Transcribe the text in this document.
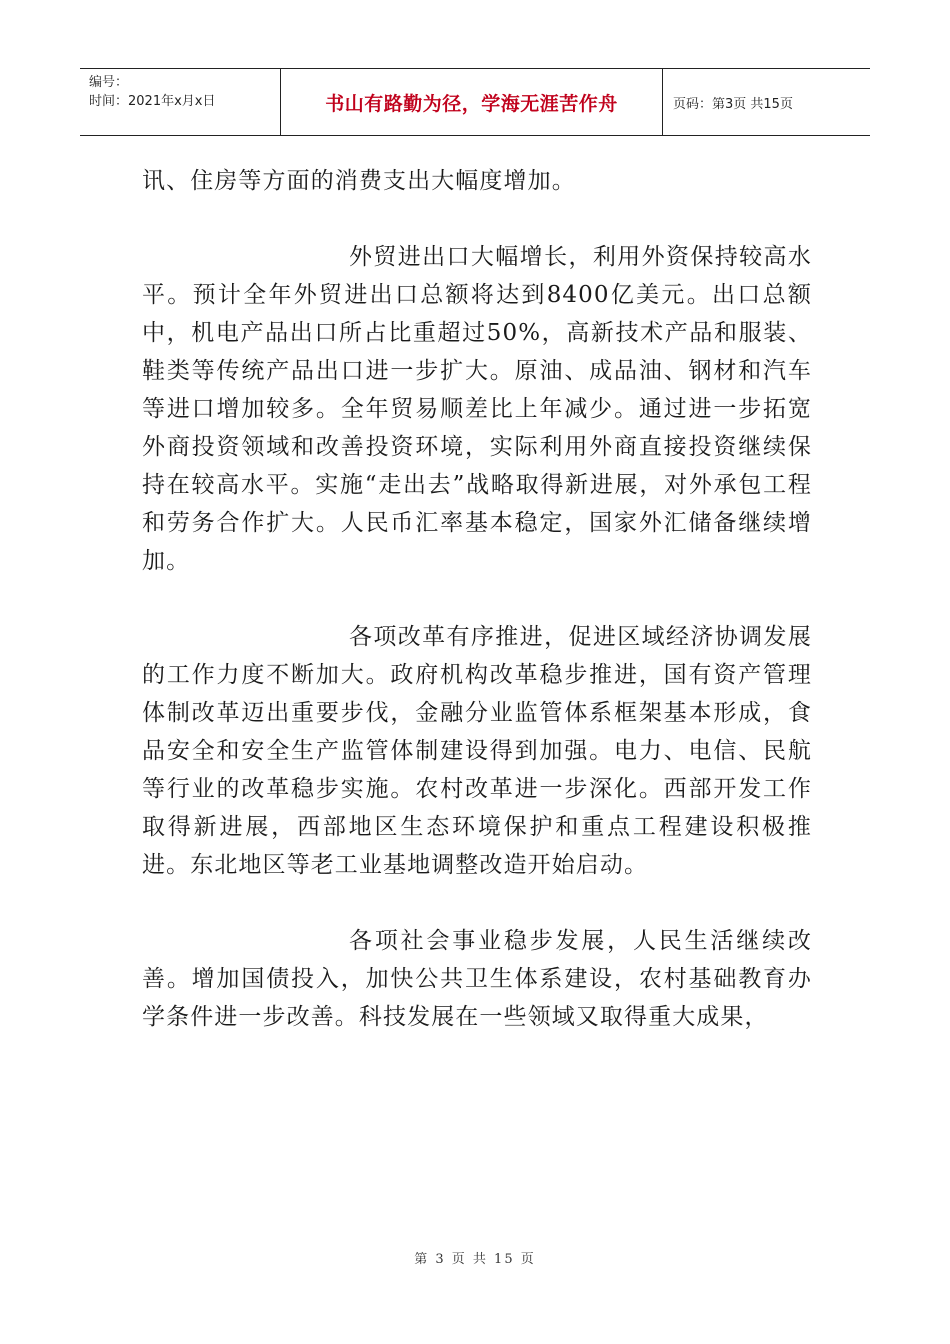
编号：
时间：2021年x月x日	书山有路勤为径，学海无涯苦作舟	页码：第3页 共15页

讯、住房等方面的消费支出大幅度增加。

外贸进出口大幅增长，利用外资保持较高水平。预计全年外贸进出口总额将达到8400亿美元。出口总额中，机电产品出口所占比重超过50%，高新技术产品和服装、鞋类等传统产品出口进一步扩大。原油、成品油、钢材和汽车等进口增加较多。全年贸易顺差比上年减少。通过进一步拓宽外商投资领域和改善投资环境，实际利用外商直接投资继续保持在较高水平。实施“走出去”战略取得新进展，对外承包工程和劳务合作扩大。人民币汇率基本稳定，国家外汇储备继续增加。

各项改革有序推进，促进区域经济协调发展的工作力度不断加大。政府机构改革稳步推进，国有资产管理体制改革迈出重要步伐，金融分业监管体系框架基本形成，食品安全和安全生产监管体制建设得到加强。电力、电信、民航等行业的改革稳步实施。农村改革进一步深化。西部开发工作取得新进展，西部地区生态环境保护和重点工程建设积极推进。东北地区等老工业基地调整改造开始启动。

各项社会事业稳步发展，人民生活继续改善。增加国债投入，加快公共卫生体系建设，农村基础教育办学条件进一步改善。科技发展在一些领域又取得重大成果，

第 3 页 共 15 页
